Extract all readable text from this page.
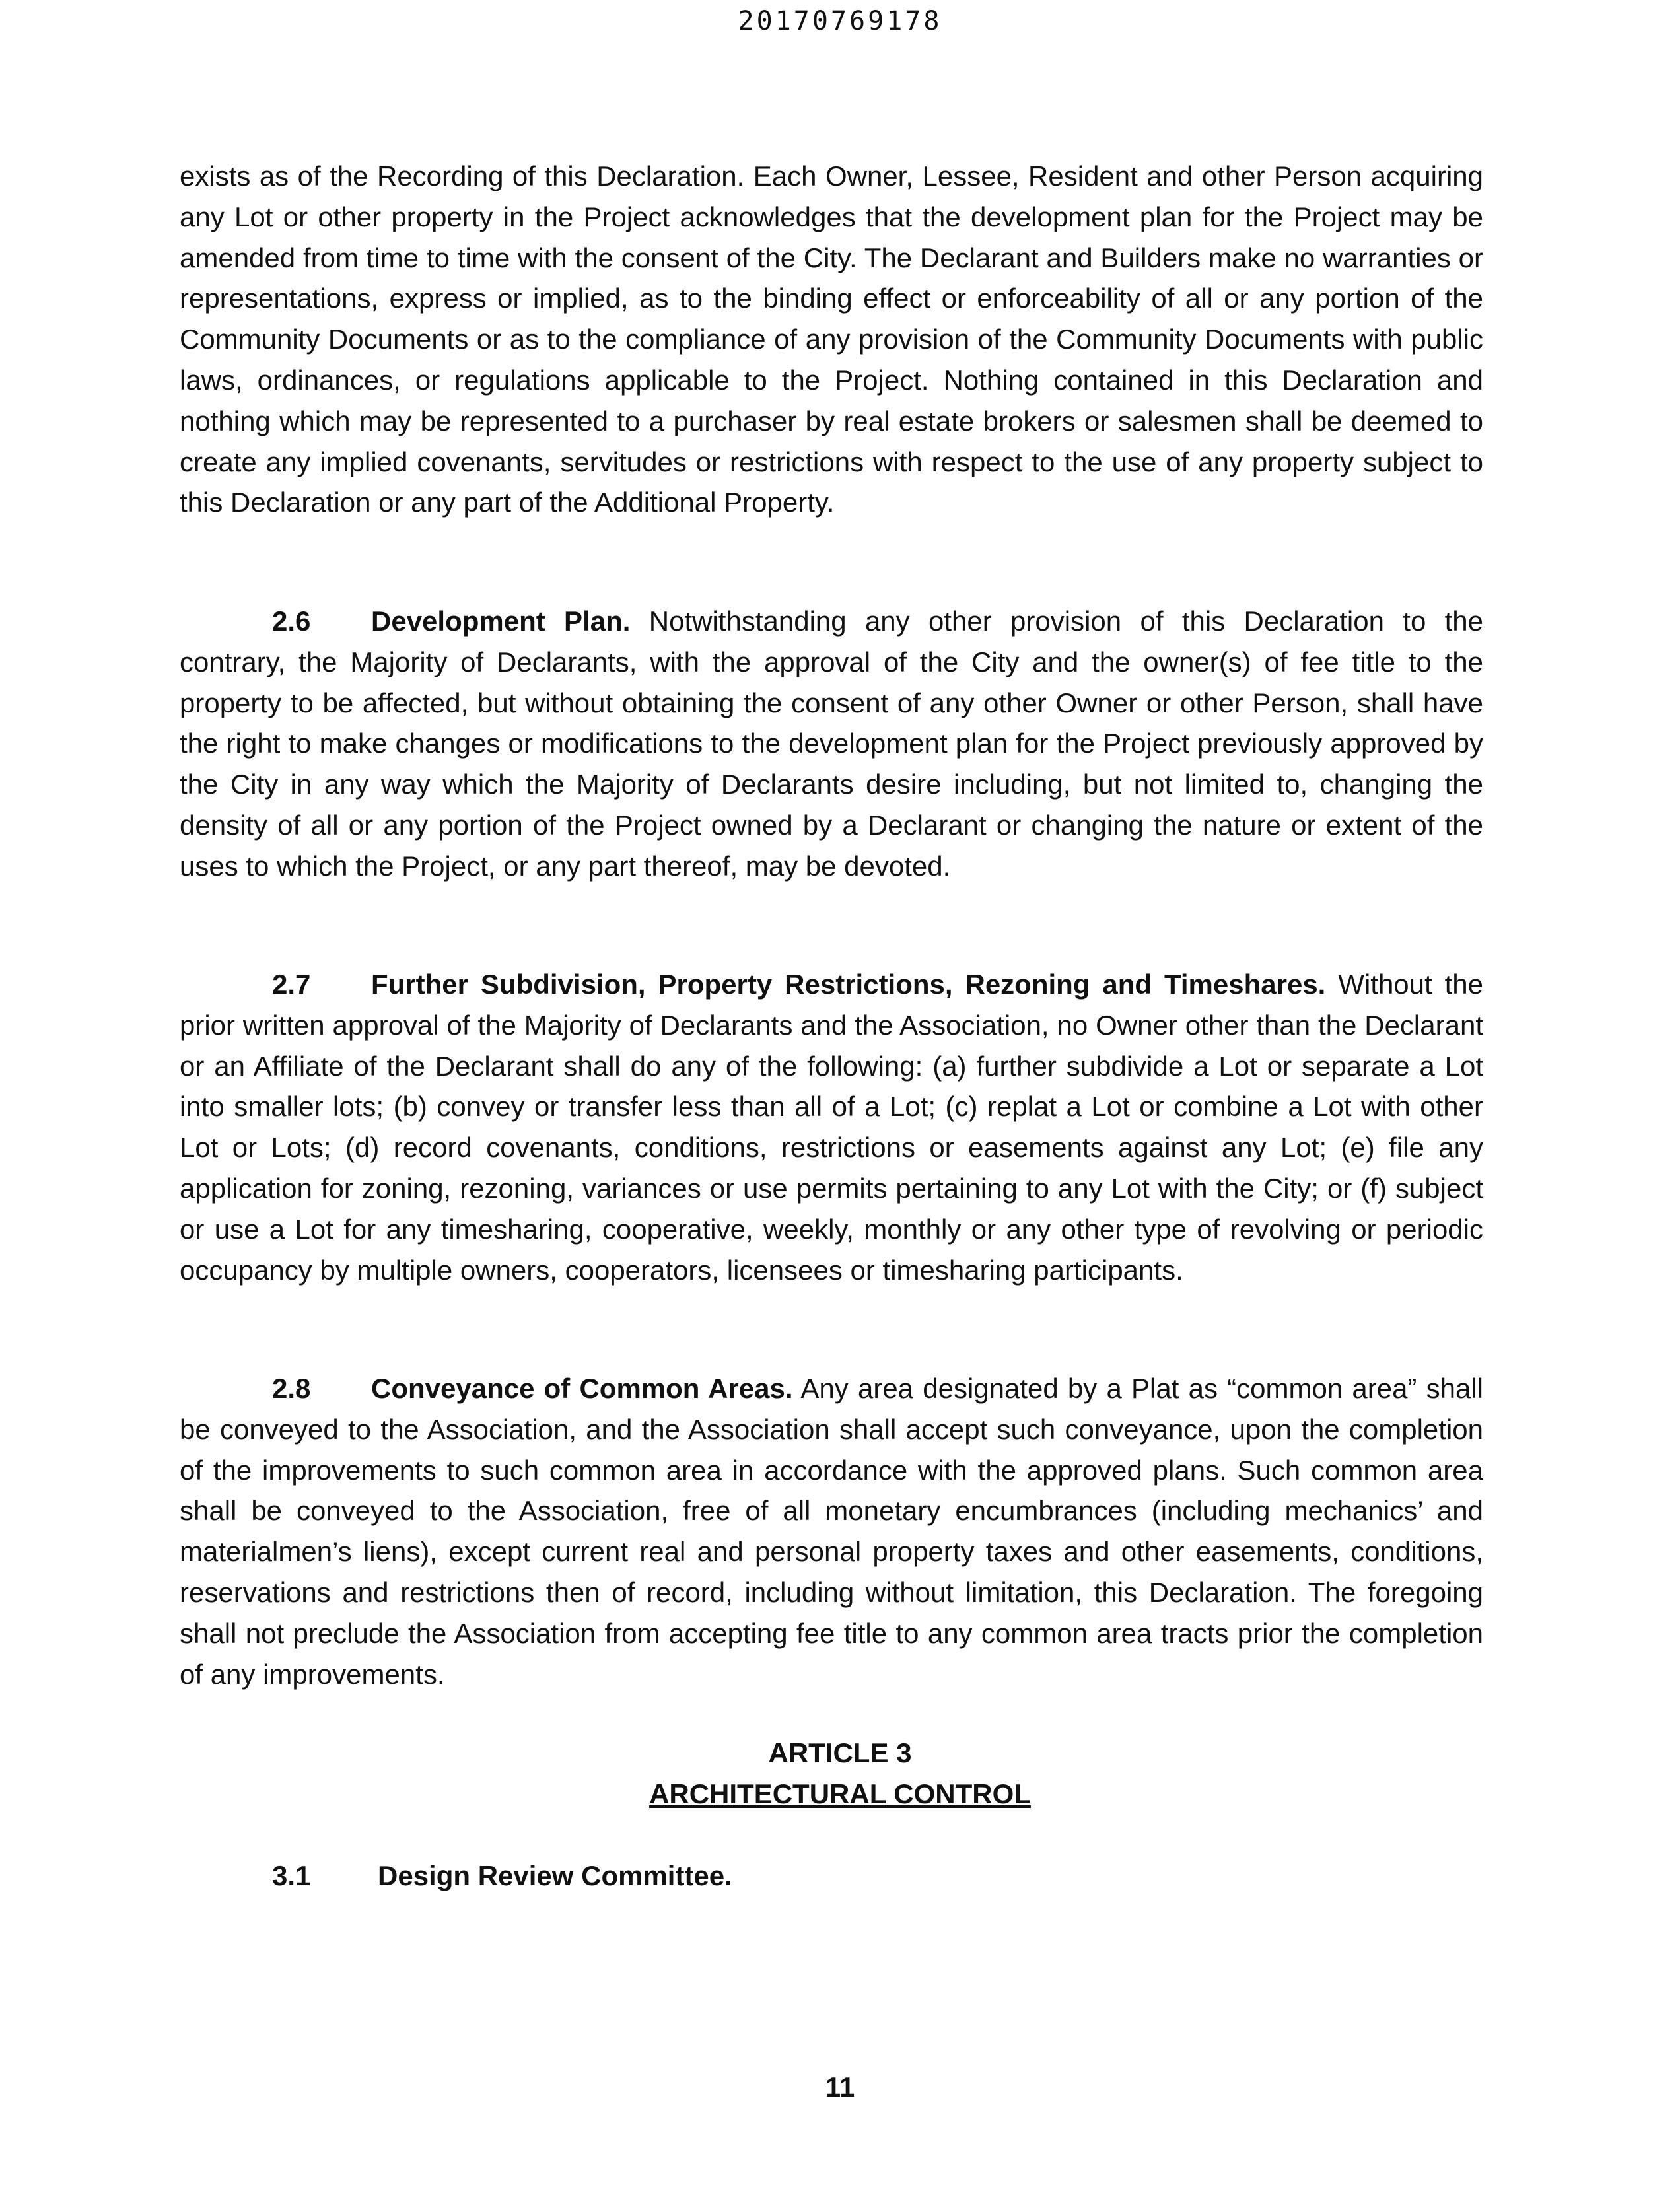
20170769178

exists as of the Recording of this Declaration. Each Owner, Lessee, Resident and other Person acquiring any Lot or other property in the Project acknowledges that the development plan for the Project may be amended from time to time with the consent of the City. The Declarant and Builders make no warranties or representations, express or implied, as to the binding effect or enforceability of all or any portion of the Community Documents or as to the compliance of any provision of the Community Documents with public laws, ordinances, or regulations applicable to the Project. Nothing contained in this Declaration and nothing which may be represented to a purchaser by real estate brokers or salesmen shall be deemed to create any implied covenants, servitudes or restrictions with respect to the use of any property subject to this Declaration or any part of the Additional Property.

2.6 Development Plan. Notwithstanding any other provision of this Declaration to the contrary, the Majority of Declarants, with the approval of the City and the owner(s) of fee title to the property to be affected, but without obtaining the consent of any other Owner or other Person, shall have the right to make changes or modifications to the development plan for the Project previously approved by the City in any way which the Majority of Declarants desire including, but not limited to, changing the density of all or any portion of the Project owned by a Declarant or changing the nature or extent of the uses to which the Project, or any part thereof, may be devoted.

2.7 Further Subdivision, Property Restrictions, Rezoning and Timeshares. Without the prior written approval of the Majority of Declarants and the Association, no Owner other than the Declarant or an Affiliate of the Declarant shall do any of the following: (a) further subdivide a Lot or separate a Lot into smaller lots; (b) convey or transfer less than all of a Lot; (c) replat a Lot or combine a Lot with other Lot or Lots; (d) record covenants, conditions, restrictions or easements against any Lot; (e) file any application for zoning, rezoning, variances or use permits pertaining to any Lot with the City; or (f) subject or use a Lot for any timesharing, cooperative, weekly, monthly or any other type of revolving or periodic occupancy by multiple owners, cooperators, licensees or timesharing participants.

2.8 Conveyance of Common Areas. Any area designated by a Plat as “common area” shall be conveyed to the Association, and the Association shall accept such conveyance, upon the completion of the improvements to such common area in accordance with the approved plans. Such common area shall be conveyed to the Association, free of all monetary encumbrances (including mechanics’ and materialmen’s liens), except current real and personal property taxes and other easements, conditions, reservations and restrictions then of record, including without limitation, this Declaration. The foregoing shall not preclude the Association from accepting fee title to any common area tracts prior the completion of any improvements.

ARTICLE 3
ARCHITECTURAL CONTROL
3.1 Design Review Committee.
11
